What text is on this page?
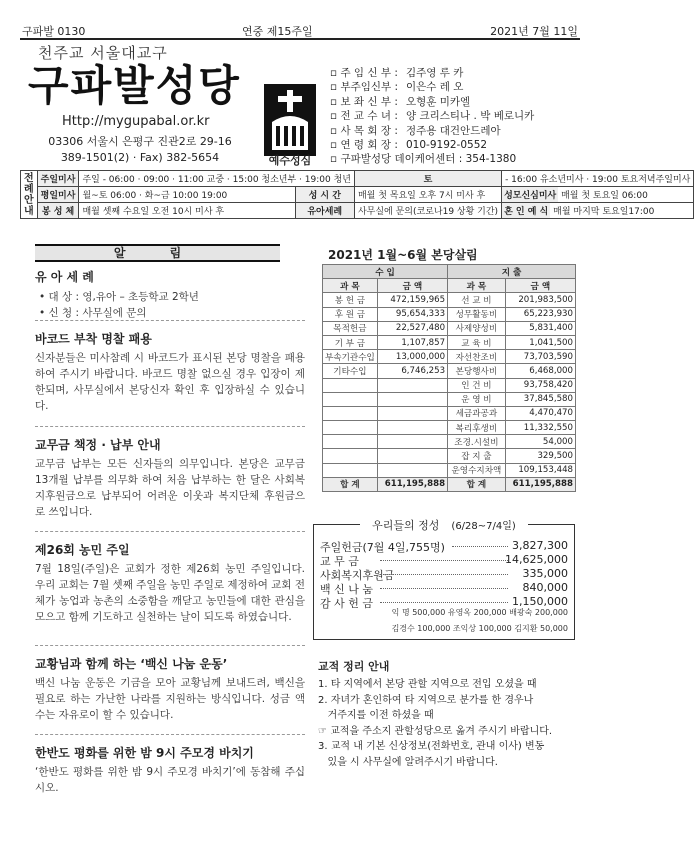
구파발 0130	연중 제15주일	2021년 7월 11일
천주교 서울대교구
구파발성당
Http://mygupabal.or.kr
03306 서울시 은평구 진관2로 29-16
389-1501(2) · Fax) 382-5654	예수성심
▫ 주 임 신 부 : 김주영 루 카
▫ 부주임신부 : 이은수 레 오
▫ 보 좌 신 부 : 오형훈 미카엘
▫ 전 교 수 녀 : 양 크리스티나 . 박 베로니카
▫ 사 목 회 장 : 정주용 대건안드레아
▫ 연 령 회 장 : 010-9192-0552
▫ 구파발성당 데이케어센터 : 354-1380
전례안내	주일미사	주일 - 06:00 · 09:00 · 11:00 교중 · 15:00 청소년부 · 19:00 청년		토	- 16:00 유소년미사 · 19:00 토요저녁주일미사
	평일미사	월~토 06:00 · 화~금 10:00 19:00	성 시 간	매월 첫 목요일 오후 7시 미사 후	성모신심미사 매월 첫 토요일 06:00
	봉 성 체	매월 셋째 수요일 오전 10시 미사 후	유아세례	사무실에 문의(코로나19 상황 기간)	혼 인 예 식 매월 마지막 토요일17:00
알 림
유 아 세 례
• 대 상 : 영,유아 – 초등학교 2학년
• 신 청 : 사무실에 문의
바코드 부착 명찰 패용
신자분들은 미사참례 시 바코드가 표시된 본당 명찰을 패용하여 주시기 바랍니다. 바코드 명찰 없으실 경우 입장이 제한되며, 사무실에서 본당신자 확인 후 입장하실 수 있습니다.
교무금 책정 · 납부 안내
교무금 납부는 모든 신자들의 의무입니다. 본당은 교무금 13개월 납부를 의무화 하여 처음 납부하는 한 달은 사회복지후원금으로 납부되어 어려운 이웃과 복지단체 후원금으로 쓰입니다.
제26회 농민 주일
7월 18일(주일)은 교회가 정한 제26회 농민 주일입니다. 우리 교회는 7월 셋째 주일을 농민 주일로 제정하여 교회 전체가 농업과 농촌의 소중함을 깨닫고 농민들에 대한 관심을 모으고 함께 기도하고 실천하는 날이 되도록 하였습니다.
교황님과 함께 하는 ‘백신 나눔 운동’
백신 나눔 운동은 기금을 모아 교황님께 보내드려, 백신을 필요로 하는 가난한 나라를 지원하는 방식입니다. 성금 액수는 자유로이 할 수 있습니다.
한반도 평화를 위한 밤 9시 주모경 바치기
‘한반도 평화를 위한 밤 9시 주모경 바치기’에 동참해 주십시오.
2021년 1월~6월 본당살림
수 입		지 출	
과 목	금 액	과 목	금 액
봉 헌 금	472,159,965	선 교 비	201,983,500
후 원 금	95,654,333	성무활동비	65,223,930
목적헌금	22,527,480	사제양성비	5,831,400
기 부 금	1,107,857	교 육 비	1,041,500
부속기관수입	13,000,000	자선찬조비	73,703,590
기타수입	6,746,253	본당행사비	6,468,000
		인 건 비	93,758,420
		운 영 비	37,845,580
		세금과공과	4,470,470
		복리후생비	11,332,550
		조경.시설비	54,000
		잡 지 출	329,500
		운영수지차액	109,153,448
합 계	611,195,888	합 계	611,195,888
우리들의 정성 (6/28~7/4일)
주일헌금(7월 4일,755명)	3,827,300
교 무 금	14,625,000
사회복지후원금	335,000
백 신 나 눔	840,000
감 사 헌 금	1,150,000
익 명 500,000 유영옥 200,000 배광숙 200,000
김경수 100,000 조익상 100,000 김지환 50,000
교적 정리 안내
1. 타 지역에서 본당 관할 지역으로 전입 오셨을 때
2. 자녀가 혼인하여 타 지역으로 분가를 한 경우나
거주지를 이전 하셨을 때
☞ 교적을 주소지 관할성당으로 옮겨 주시기 바랍니다.
3. 교적 내 기본 신상정보(전화번호, 관내 이사) 변동
있을 시 사무실에 알려주시기 바랍니다.
